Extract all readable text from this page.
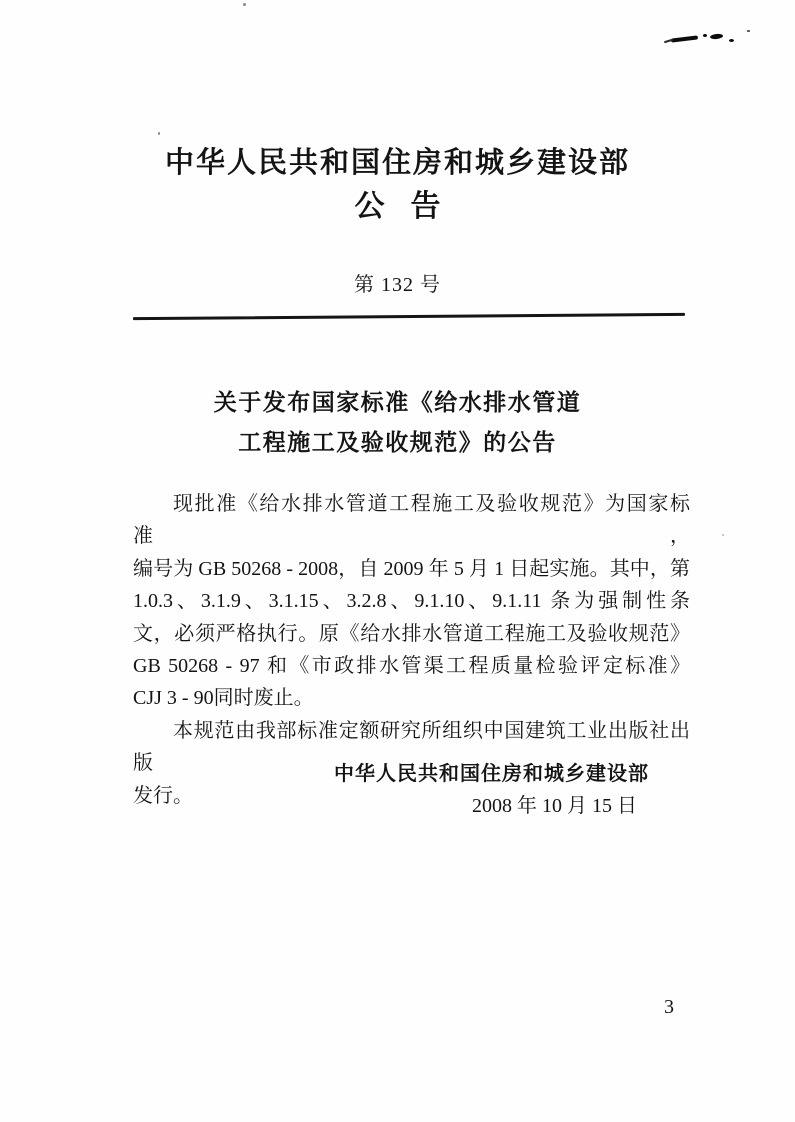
中华人民共和国住房和城乡建设部
公 告
第 132 号
关于发布国家标准《给水排水管道
工程施工及验收规范》的公告
现批准《给水排水管道工程施工及验收规范》为国家标准，
编号为 GB 50268 - 2008，自 2009 年 5 月 1 日起实施。其中，第
1.0.3、3.1.9、3.1.15、3.2.8、9.1.10、9.1.11 条为强制性条
文，必须严格执行。原《给水排水管道工程施工及验收规范》
GB 50268 - 97 和《市政排水管渠工程质量检验评定标准》
CJJ 3 - 90同时废止。
本规范由我部标准定额研究所组织中国建筑工业出版社出版
发行。
中华人民共和国住房和城乡建设部
2008 年 10 月 15 日
3
